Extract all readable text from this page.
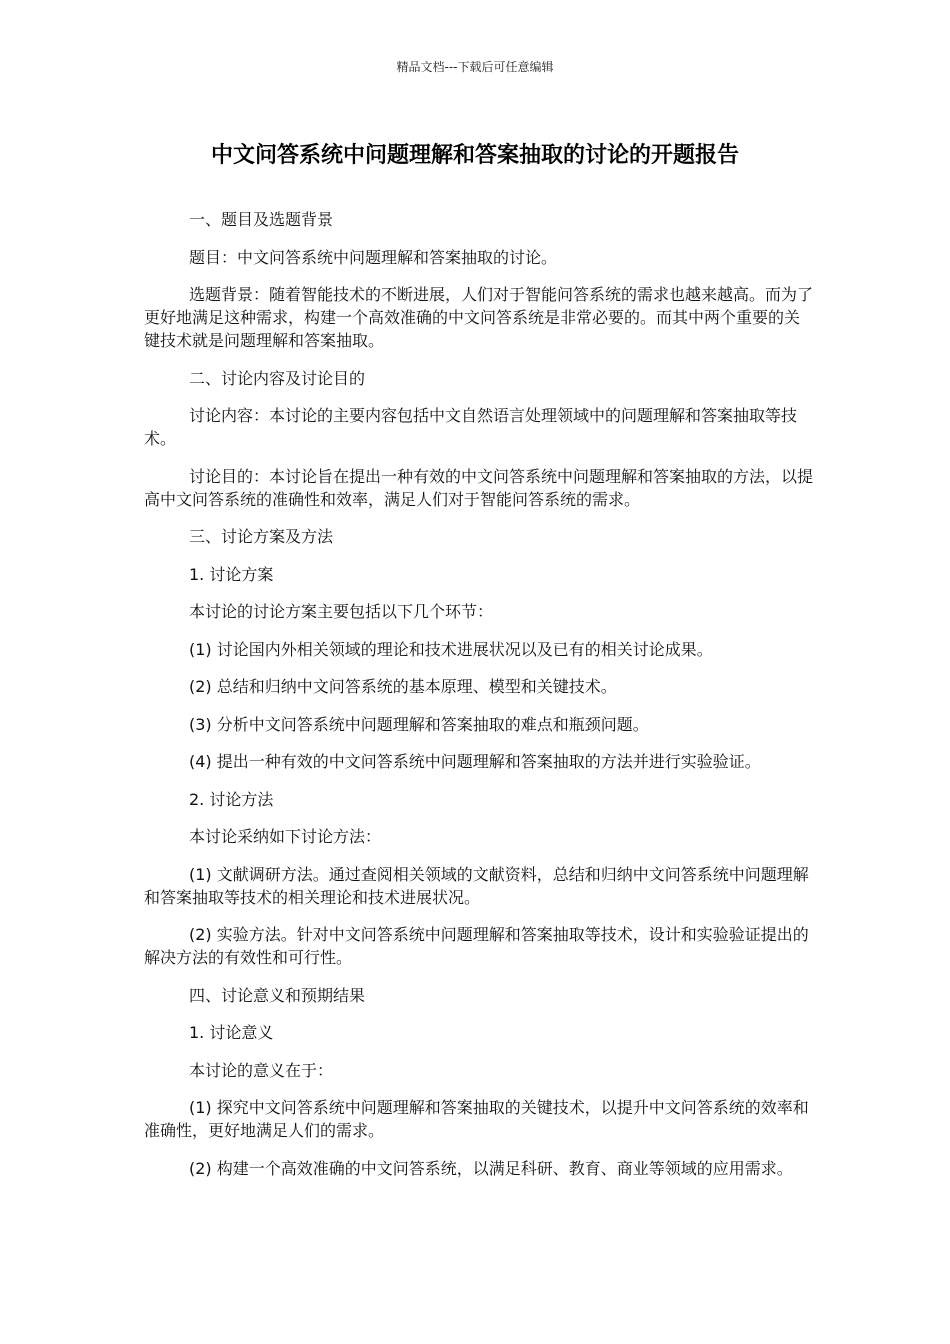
精品文档---下载后可任意编辑
中文问答系统中问题理解和答案抽取的讨论的开题报告

一、题目及选题背景

题目：中文问答系统中问题理解和答案抽取的讨论。

选题背景：随着智能技术的不断进展，人们对于智能问答系统的需求也越来越高。而为了更好地满足这种需求，构建一个高效准确的中文问答系统是非常必要的。而其中两个重要的关键技术就是问题理解和答案抽取。

二、讨论内容及讨论目的

讨论内容：本讨论的主要内容包括中文自然语言处理领域中的问题理解和答案抽取等技术。

讨论目的：本讨论旨在提出一种有效的中文问答系统中问题理解和答案抽取的方法，以提高中文问答系统的准确性和效率，满足人们对于智能问答系统的需求。

三、讨论方案及方法

1. 讨论方案

本讨论的讨论方案主要包括以下几个环节：

(1) 讨论国内外相关领域的理论和技术进展状况以及已有的相关讨论成果。

(2) 总结和归纳中文问答系统的基本原理、模型和关键技术。

(3) 分析中文问答系统中问题理解和答案抽取的难点和瓶颈问题。

(4) 提出一种有效的中文问答系统中问题理解和答案抽取的方法并进行实验验证。

2. 讨论方法

本讨论采纳如下讨论方法：

(1) 文献调研方法。通过查阅相关领域的文献资料，总结和归纳中文问答系统中问题理解和答案抽取等技术的相关理论和技术进展状况。

(2) 实验方法。针对中文问答系统中问题理解和答案抽取等技术，设计和实验验证提出的解决方法的有效性和可行性。

四、讨论意义和预期结果

1. 讨论意义

本讨论的意义在于：

(1) 探究中文问答系统中问题理解和答案抽取的关键技术，以提升中文问答系统的效率和准确性，更好地满足人们的需求。

(2) 构建一个高效准确的中文问答系统，以满足科研、教育、商业等领域的应用需求。
